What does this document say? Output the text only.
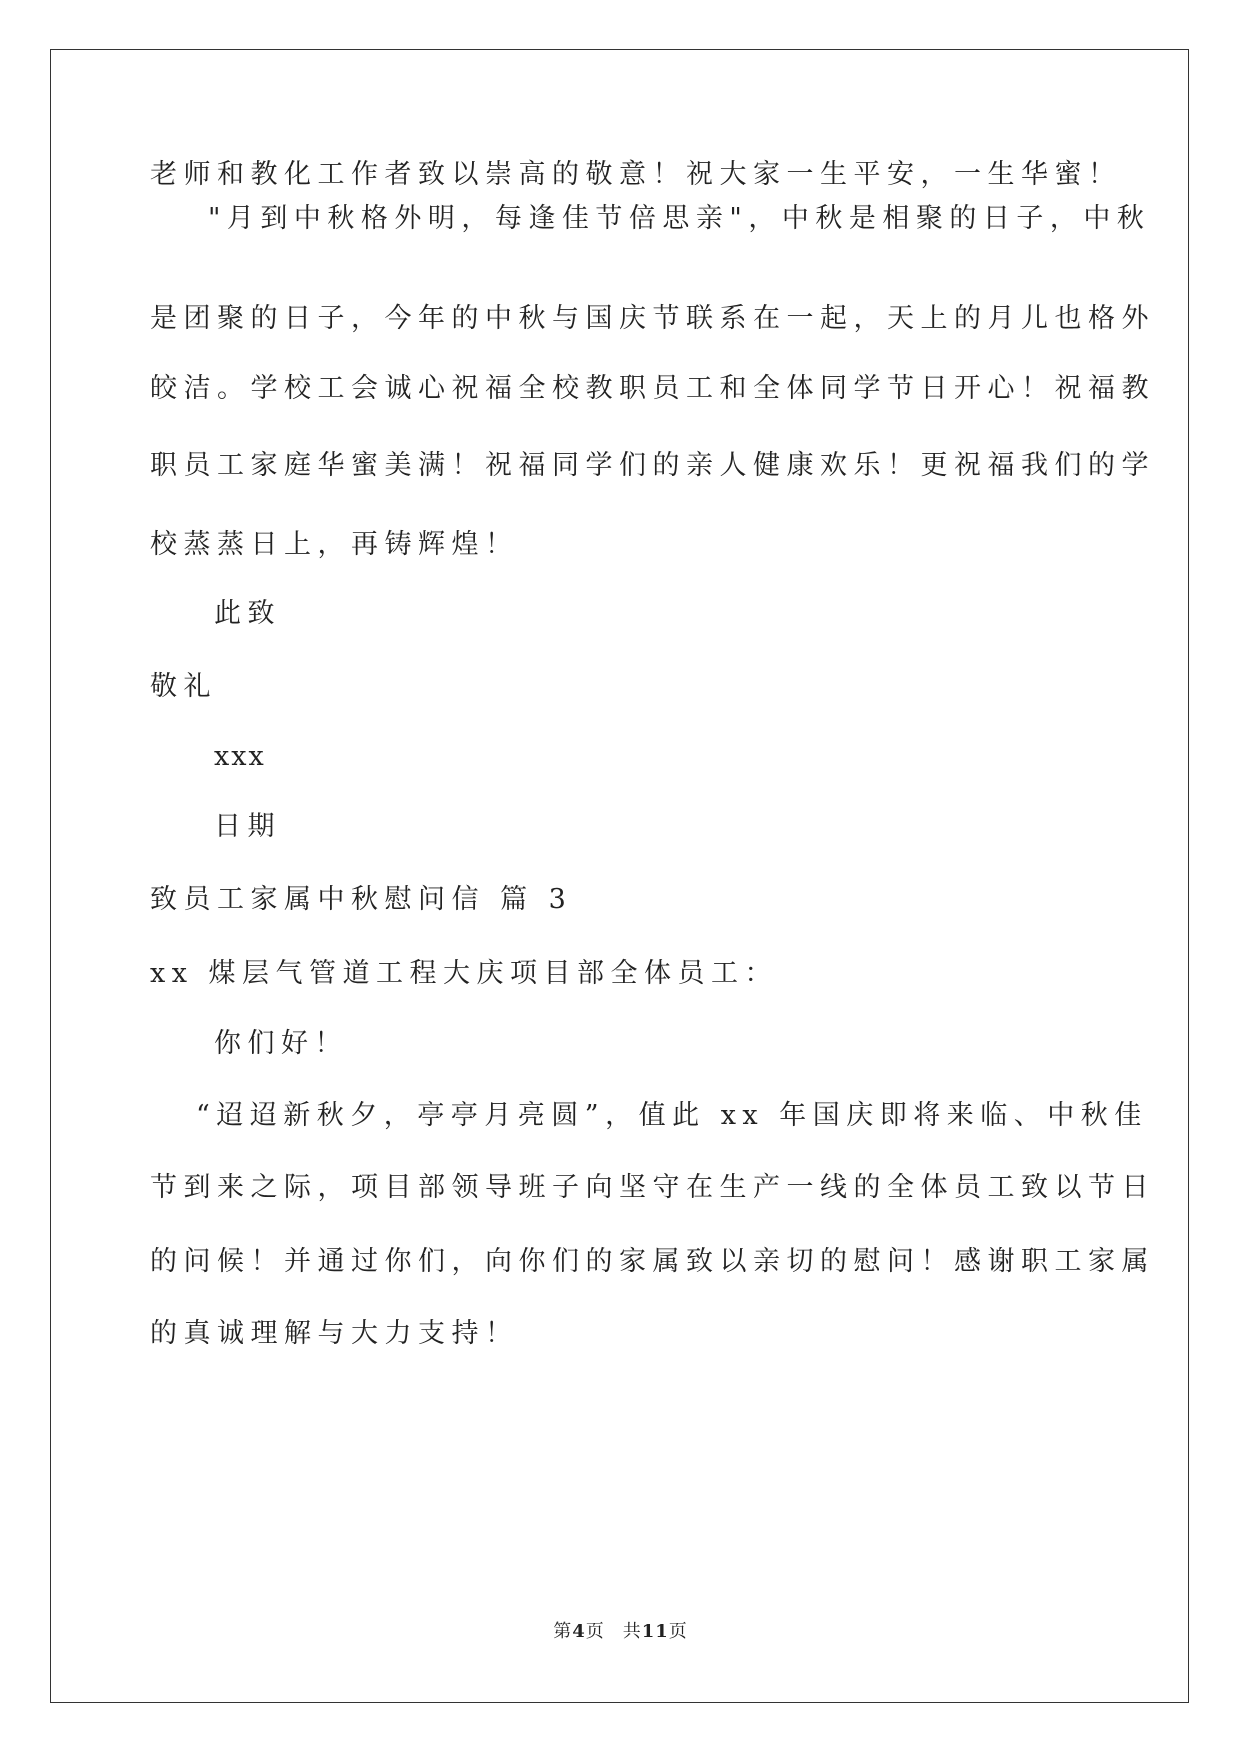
老师和教化工作者致以崇高的敬意！祝大家一生平安，一生华蜜！
"月到中秋格外明，每逢佳节倍思亲"，中秋是相聚的日子，中秋
是团聚的日子，今年的中秋与国庆节联系在一起，天上的月儿也格外
皎洁。学校工会诚心祝福全校教职员工和全体同学节日开心！祝福教
职员工家庭华蜜美满！祝福同学们的亲人健康欢乐！更祝福我们的学
校蒸蒸日上，再铸辉煌！
此致
敬礼
xxx
日期
致员工家属中秋慰问信 篇 3
xx 煤层气管道工程大庆项目部全体员工：
你们好！
“迢迢新秋夕，亭亭月亮圆”，值此 xx 年国庆即将来临、中秋佳
节到来之际，项目部领导班子向坚守在生产一线的全体员工致以节日
的问候！并通过你们，向你们的家属致以亲切的慰问！感谢职工家属
的真诚理解与大力支持！
第4页 共11页
